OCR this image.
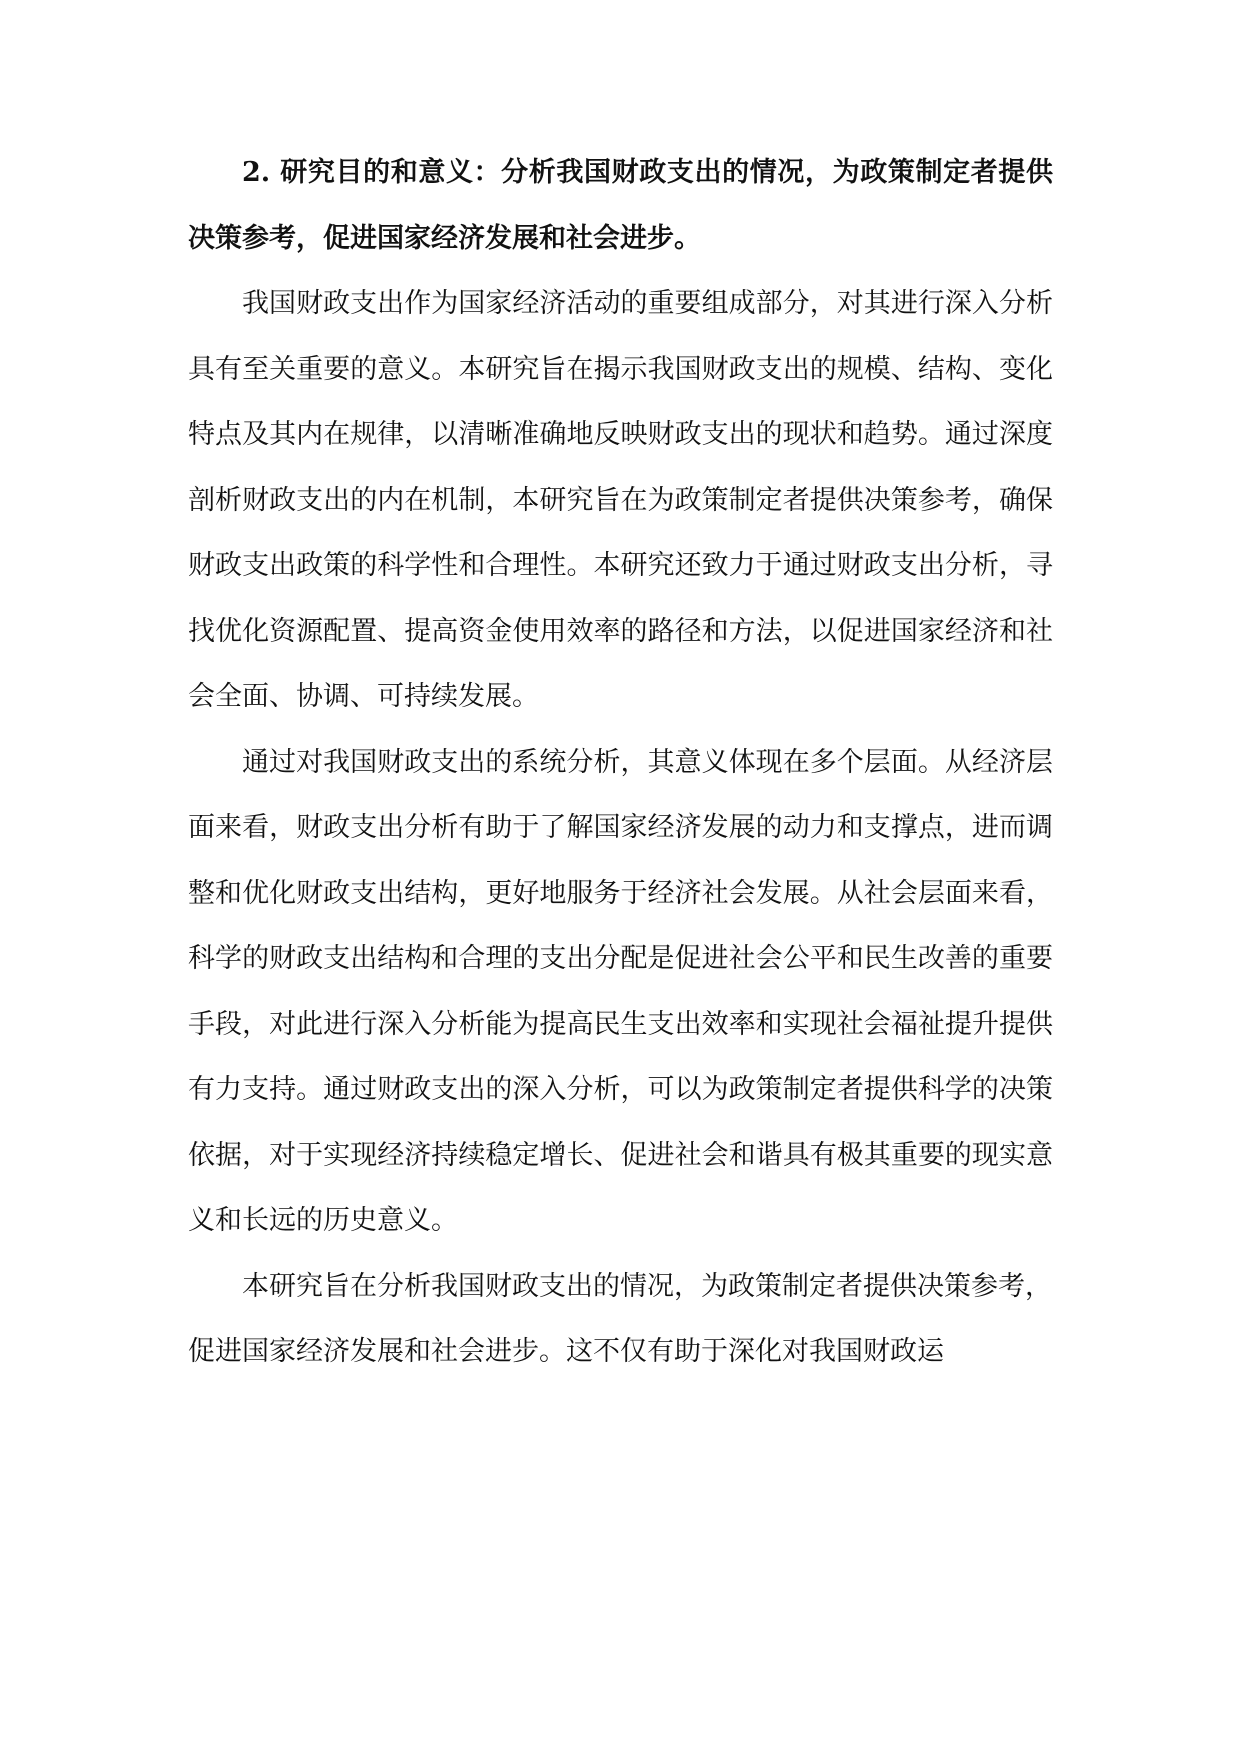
2. 研究目的和意义：分析我国财政支出的情况，为政策制定者提供决策参考，促进国家经济发展和社会进步。

我国财政支出作为国家经济活动的重要组成部分，对其进行深入分析具有至关重要的意义。本研究旨在揭示我国财政支出的规模、结构、变化特点及其内在规律，以清晰准确地反映财政支出的现状和趋势。通过深度剖析财政支出的内在机制，本研究旨在为政策制定者提供决策参考，确保财政支出政策的科学性和合理性。本研究还致力于通过财政支出分析，寻找优化资源配置、提高资金使用效率的路径和方法，以促进国家经济和社会全面、协调、可持续发展。

通过对我国财政支出的系统分析，其意义体现在多个层面。从经济层面来看，财政支出分析有助于了解国家经济发展的动力和支撑点，进而调整和优化财政支出结构，更好地服务于经济社会发展。从社会层面来看，科学的财政支出结构和合理的支出分配是促进社会公平和民生改善的重要手段，对此进行深入分析能为提高民生支出效率和实现社会福祉提升提供有力支持。通过财政支出的深入分析，可以为政策制定者提供科学的决策依据，对于实现经济持续稳定增长、促进社会和谐具有极其重要的现实意义和长远的历史意义。

本研究旨在分析我国财政支出的情况，为政策制定者提供决策参考，促进国家经济发展和社会进步。这不仅有助于深化对我国财政运
